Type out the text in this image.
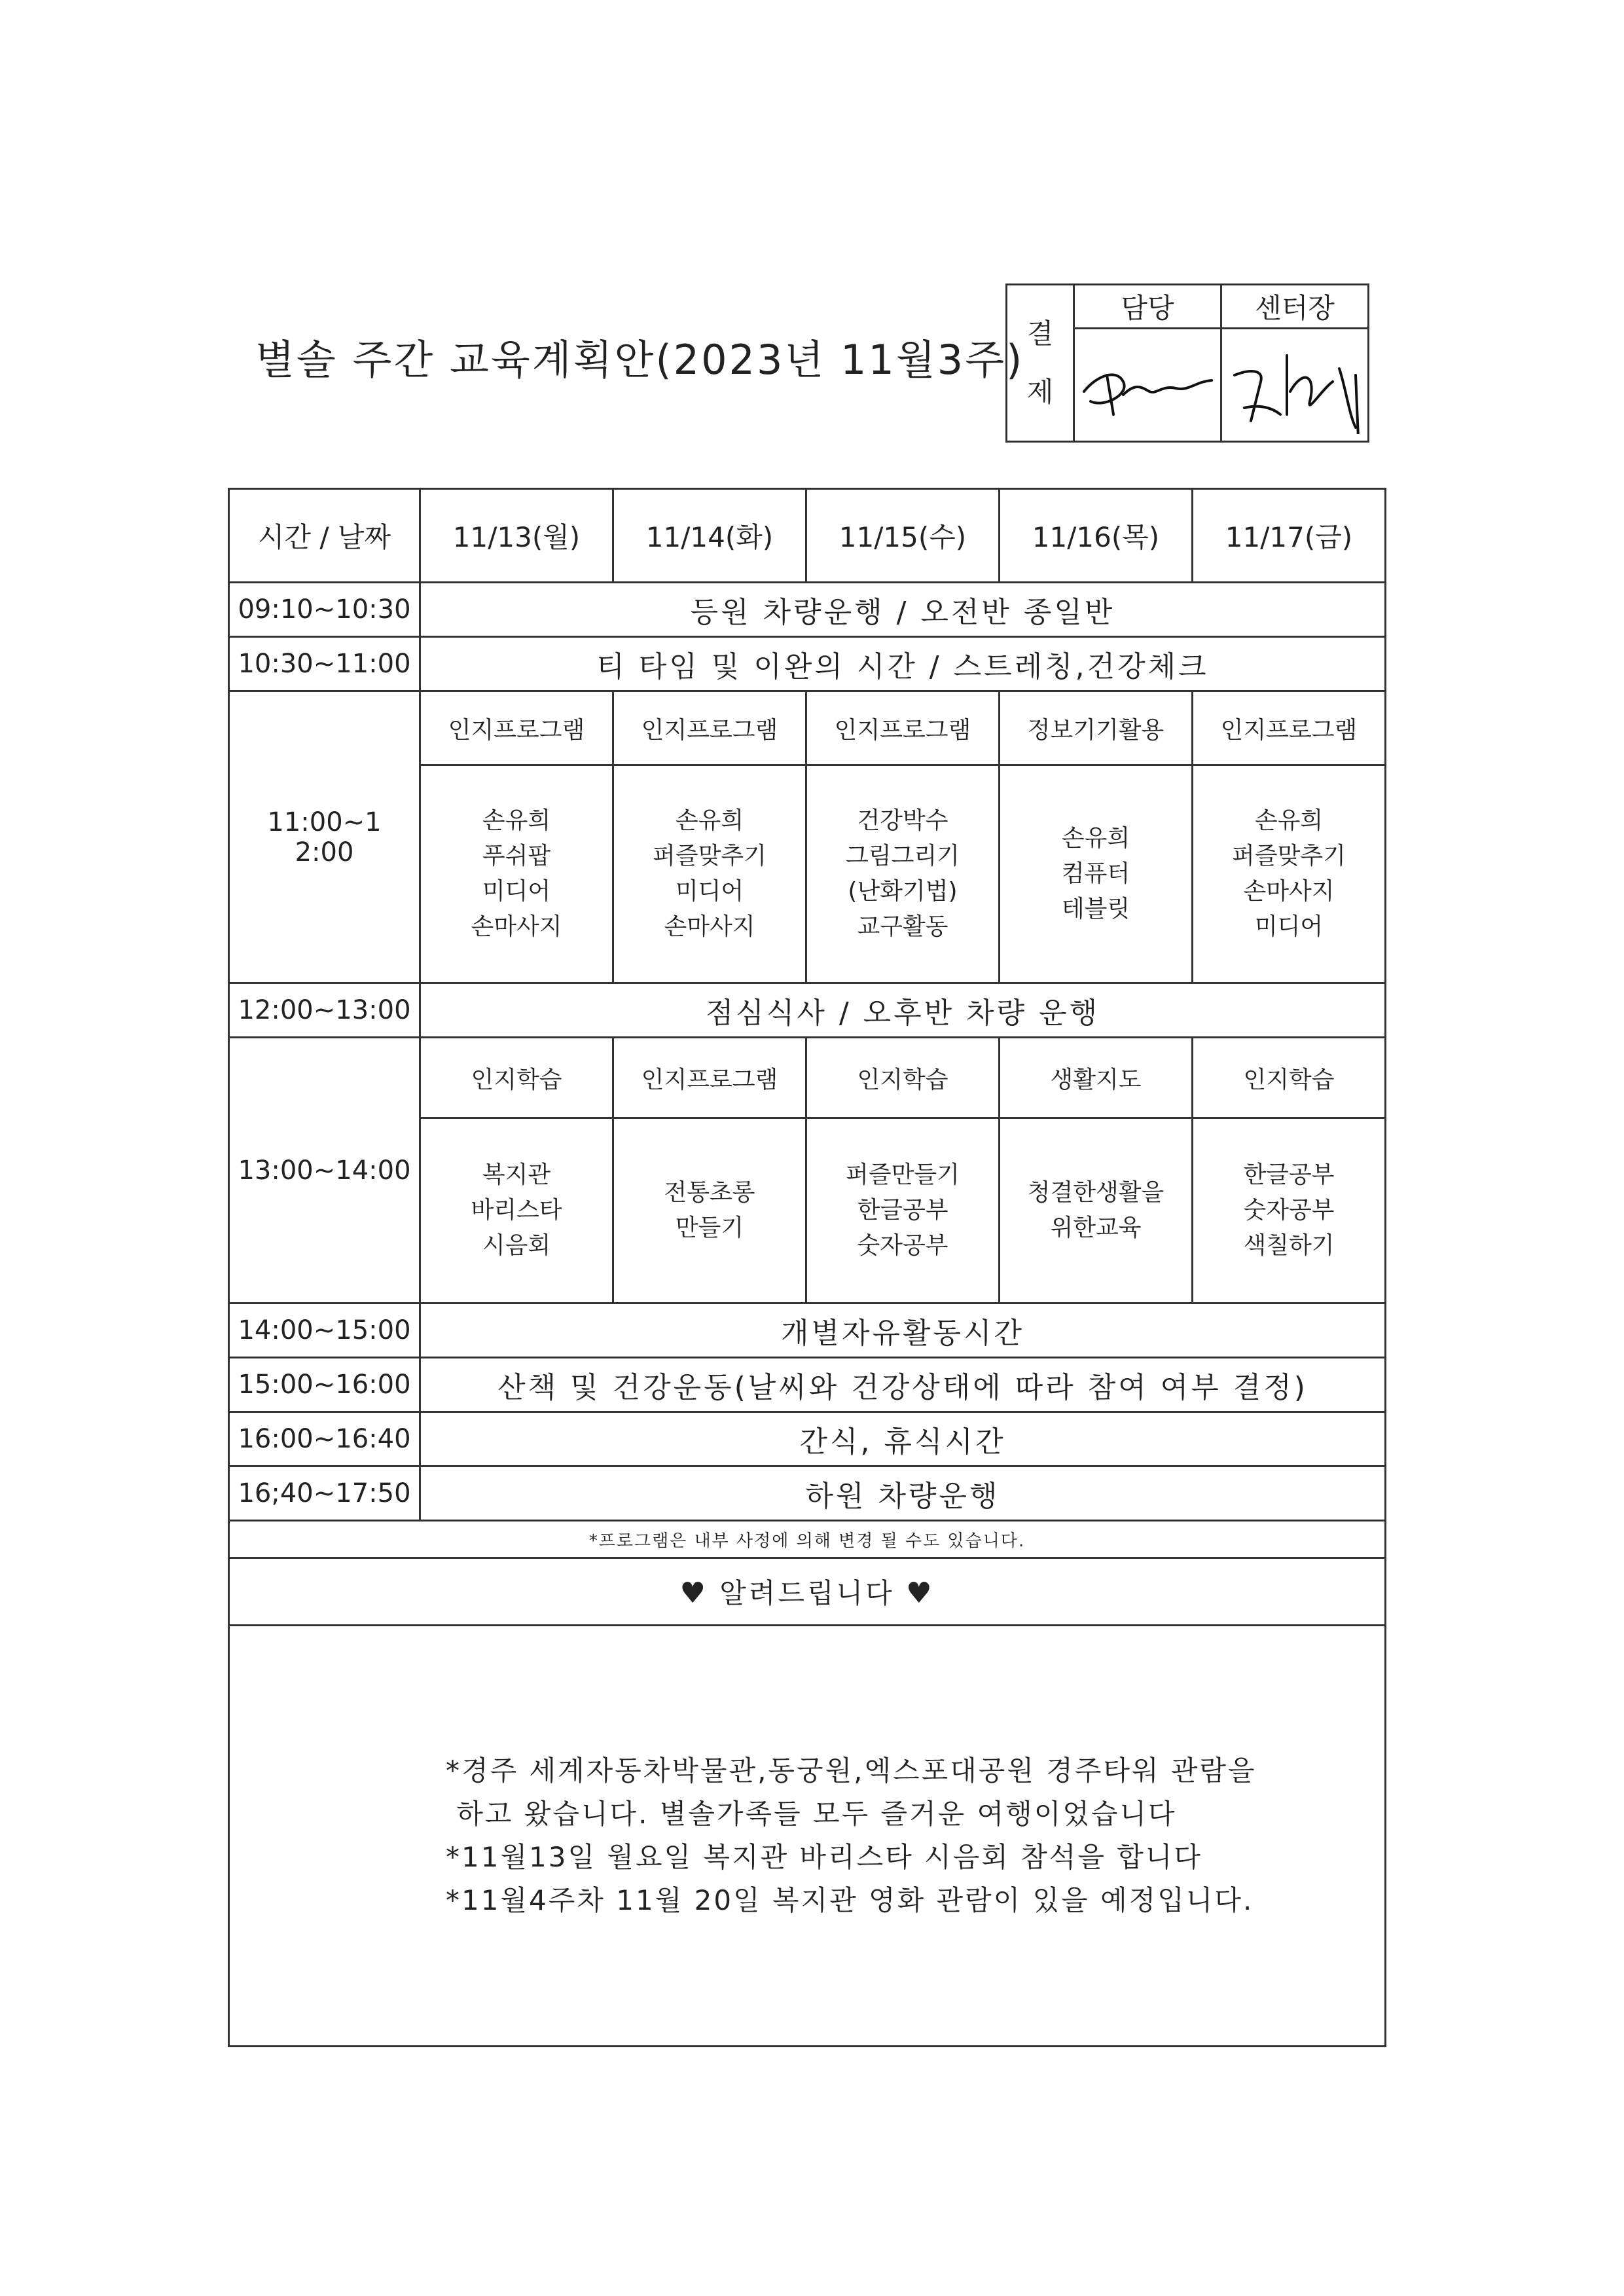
별솔 주간 교육계획안(2023년 11월3주)
결
제	담당	센터장

시간 / 날짜	11/13(월)	11/14(화)	11/15(수)	11/16(목)	11/17(금)
09:10~10:30	등원 차량운행 / 오전반 종일반				
10:30~11:00	티 타임 및 이완의 시간 / 스트레칭,건강체크				

11:00~1
2:00	인지프로그램	인지프로그램	인지프로그램	정보기기활용	인지프로그램

	손유희
푸쉬팝
미디어
손마사지	손유희
퍼즐맞추기
미디어
손마사지	건강박수
그림그리기
(난화기법)
교구활동	손유희
컴퓨터
테블릿	손유희
퍼즐맞추기
손마사지
미디어

12:00~13:00	점심식사 / 오후반 차량 운행				
13:00~14:00	인지학습	인지프로그램	인지학습	생활지도	인지학습

	복지관
바리스타
시음회	전통초롱
만들기	퍼즐만들기
한글공부
숫자공부	청결한생활을
위한교육	한글공부
숫자공부
색칠하기

14:00~15:00	개별자유활동시간				
15:00~16:00	산책 및 건강운동(날씨와 건강상태에 따라 참여 여부 결정)				
16:00~16:40	간식, 휴식시간				
16;40~17:50	하원 차량운행				
*프로그램은 내부 사정에 의해 변경 될 수도 있습니다.					
♥ 알려드립니다 ♥					

*경주 세계자동차박물관,동궁원,엑스포대공원 경주타워 관람을
하고 왔습니다. 별솔가족들 모두 즐거운 여행이었습니다
*11월13일 월요일 복지관 바리스타 시음회 참석을 합니다
*11월4주차 11월 20일 복지관 영화 관람이 있을 예정입니다.					
